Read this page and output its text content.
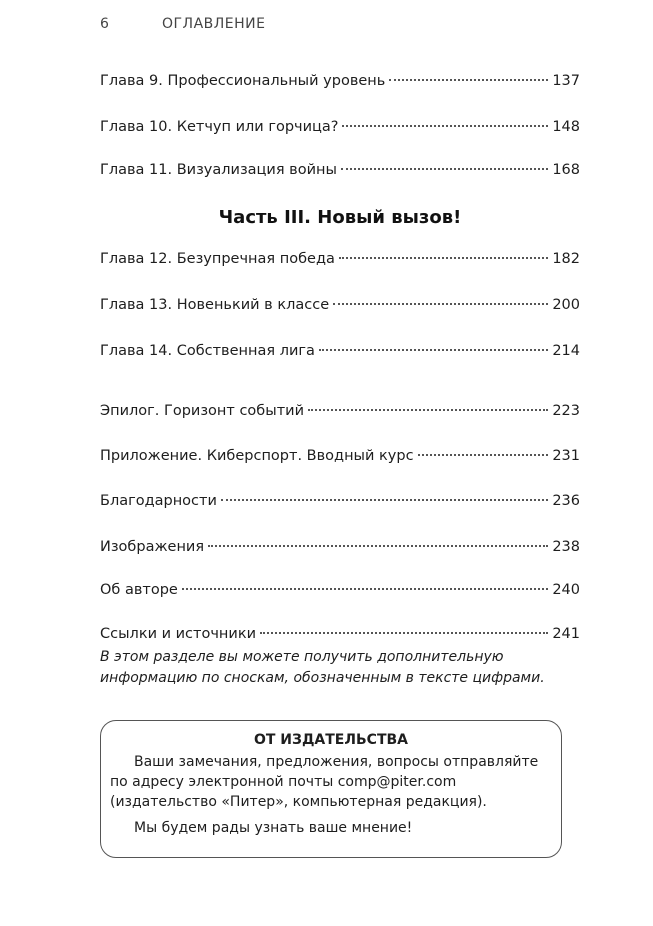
6	ОГЛАВЛЕНИЕ
Глава 9. Профессиональный уровень	137
Глава 10. Кетчуп или горчица?	148
Глава 11. Визуализация войны	168
Часть III. Новый вызов!
Глава 12. Безупречная победа	182
Глава 13. Новенький в классе	200
Глава 14. Собственная лига	214
Эпилог. Горизонт событий	223
Приложение. Киберспорт. Вводный курс	231
Благодарности	236
Изображения	238
Об авторе	240
Ссылки и источники	241
В этом разделе вы можете получить дополнительную
информацию по сноскам, обозначенным в тексте цифрами.
ОТ ИЗДАТЕЛЬСТВА

Ваши замечания, предложения, вопросы отправляйте по адресу электронной почты comp@piter.com (издательство «Питер», компьютерная редакция).

Мы будем рады узнать ваше мнение!
